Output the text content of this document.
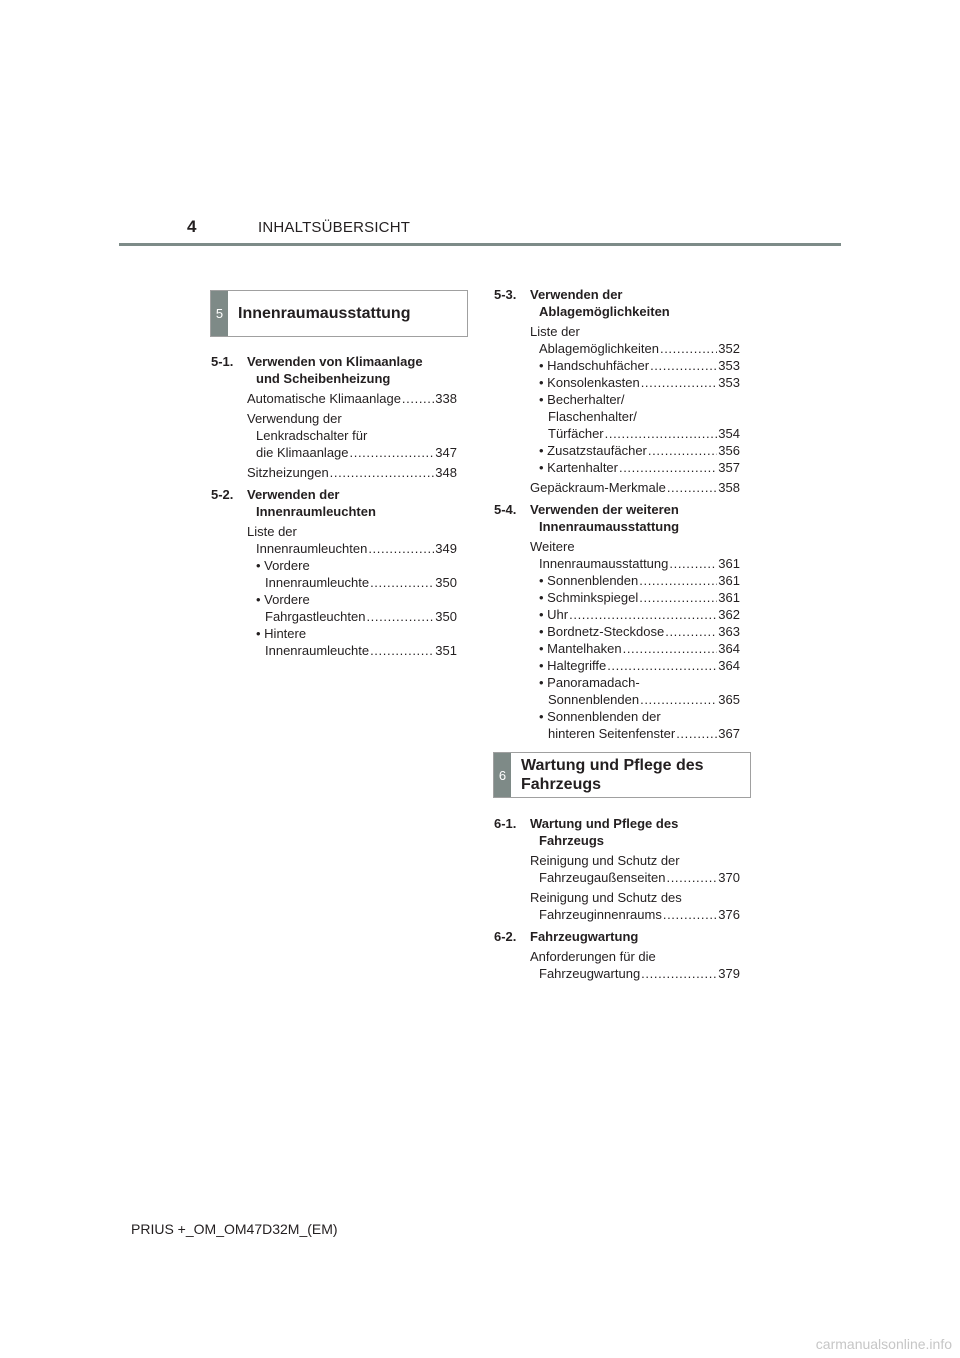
4	INHALTSÜBERSICHT
5 Innenraumausstattung
5-1. Verwenden von Klimaanlage
und Scheibenheizung
Automatische Klimaanlage . . .	338
Verwendung der
Lenkradschalter für
die Klimaanlage . . .	347
Sitzheizungen . . .	348
5-2. Verwenden der
Innenraumleuchten
Liste der
Innenraumleuchten . . .	349
• Vordere
Innenraumleuchte . . .	350
• Vordere
Fahrgastleuchten . . .	350
• Hintere
Innenraumleuchte . . .	351
5-3. Verwenden der
Ablagemöglichkeiten
Liste der
Ablagemöglichkeiten . . .	352
• Handschuhfächer . . .	353
• Konsolenkasten . . .	353
• Becherhalter/
Flaschenhalter/
Türfächer . . .	354
• Zusatzstaufächer . . .	356
• Kartenhalter . . .	357
Gepäckraum-Merkmale . . .	358
5-4. Verwenden der weiteren
Innenraumausstattung
Weitere
Innenraumausstattung . . .	361
• Sonnenblenden . . .	361
• Schminkspiegel . . .	361
• Uhr . . .	362
• Bordnetz-Steckdose . . .	363
• Mantelhaken . . .	364
• Haltegriffe . . .	364
• Panoramadach-
Sonnenblenden . . .	365
• Sonnenblenden der
hinteren Seitenfenster . . .	367
6
Wartung und Pflege des
Fahrzeugs
6-1. Wartung und Pflege des
Fahrzeugs
Reinigung und Schutz der
Fahrzeugaußenseiten . . .	370
Reinigung und Schutz des
Fahrzeuginnenraums . . .	376
6-2. Fahrzeugwartung
Anforderungen für die
Fahrzeugwartung . . .	379
PRIUS +_OM_OM47D32M_(EM)
carmanualsonline.info
